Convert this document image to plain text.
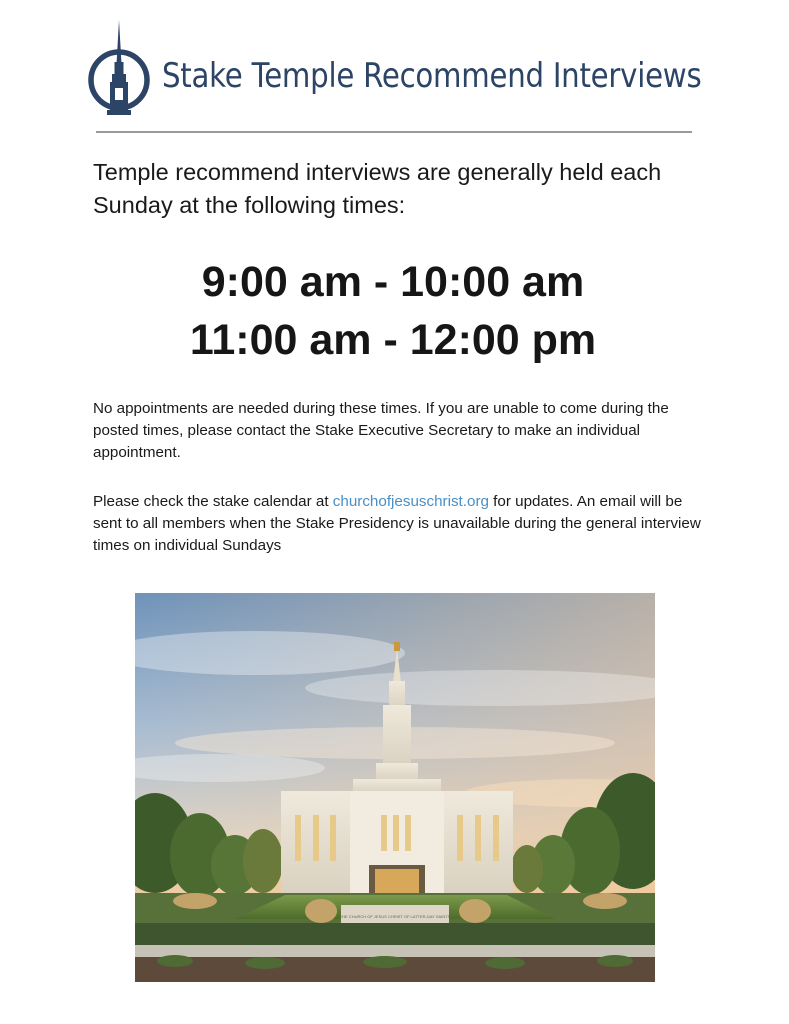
Stake Temple Recommend Interviews
Temple recommend interviews are generally held each Sunday at the following times:
9:00 am - 10:00 am
11:00 am - 12:00 pm
No appointments are needed during these times. If you are unable to come during the posted times, please contact the Stake Executive Secretary to make an individual appointment.
Please check the stake calendar at churchofjesuschrist.org for updates. An email will be sent to all members when the Stake Presidency is unavailable during the general interview times on individual Sundays
THE CHURCH OF JESUS CHRIST OF LATTER-DAY SAINTS
